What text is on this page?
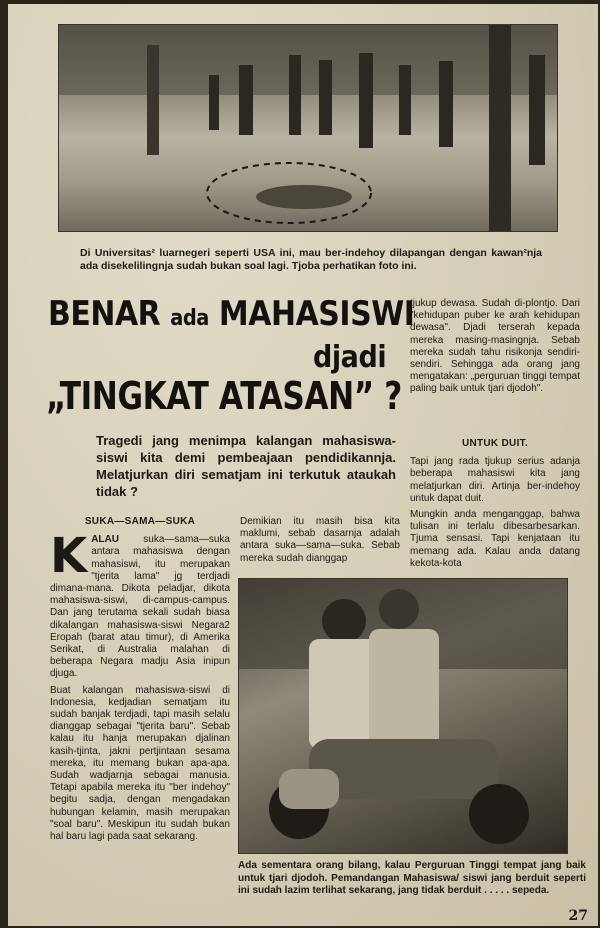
Di Universitas² luarnegeri seperti USA ini, mau ber-indehoy dilapangan dengan kawan²nja ada disekelilingnja sudah bukan soal lagi. Tjoba perhatikan foto ini.
BENAR ada MAHASISWI
djadi
„TINGKAT ATASAN” ?
Tragedi jang menimpa kalangan mahasiswa-siswi kita demi pembeajaan pendidikannja. Melatjurkan diri sematjam ini terkutuk ataukah tidak ?

tjukup dewasa. Sudah di-plontjo. Dari "kehidupan puber ke arah kehidupan dewasa". Djadi terserah kepada mereka masing-masingnja. Sebab mereka sudah tahu risikonja sendiri-sendiri. Sehingga ada orang jang mengatakan: „perguruan tinggi tempat paling baik untuk tjari djodoh".

UNTUK DUIT.

Tapi jang rada tjukup serius adanja beberapa mahasiswi kita jang melatjurkan diri. Artinja ber-indehoy untuk dapat duit.

Mungkin anda menganggap, bahwa tulisan ini terlalu dibesarbesarkan. Tjuma sensasi. Tapi kenjataan itu memang ada. Kalau anda datang kekota-kota

SUKA—SAMA—SUKA

KALAU suka—sama—suka antara mahasiswa dengan mahasiswi, itu merupakan "tjerita lama" jg terdjadi dimana-mana. Dikota peladjar, dikota mahasiswa-siswi, di-campus-campus. Dan jang terutama sekali sudah biasa dikalangan mahasiswa-siswi Negara2 Eropah (barat atau timur), di Amerika Serikat, di Australia malahan di beberapa Negara madju Asia inipun djuga.

Buat kalangan mahasiswa-siswi di Indonesia, kedjadian sematjam itu sudah banjak terdjadi, tapi masih selalu dianggap sebagai "tjerita baru". Sebab kalau itu hanja merupakan djalinan kasih-tjinta, jakni pertjintaan sesama mereka, itu memang bukan apa-apa. Sudah wadjarnja sebagai manusia. Tetapi apabila mereka itu "ber indehoy" begitu sadja, dengan mengadakan hubungan kelamin, masih merupakan "soal baru". Meskipun itu sudah bukan hal baru lagi pada saat sekarang.

Demikian itu masih bisa kita maklumi, sebab dasarnja adalah antara suka—sama—suka. Sebab mereka sudah dianggap

Ada sementara orang bilang, kalau Perguruan Tinggi tempat jang baik untuk tjari djodoh. Pemandangan Mahasiswa/ siswi jang berduit seperti ini sudah lazim terlihat sekarang, jang tidak berduit . . . . . sepeda.
27
